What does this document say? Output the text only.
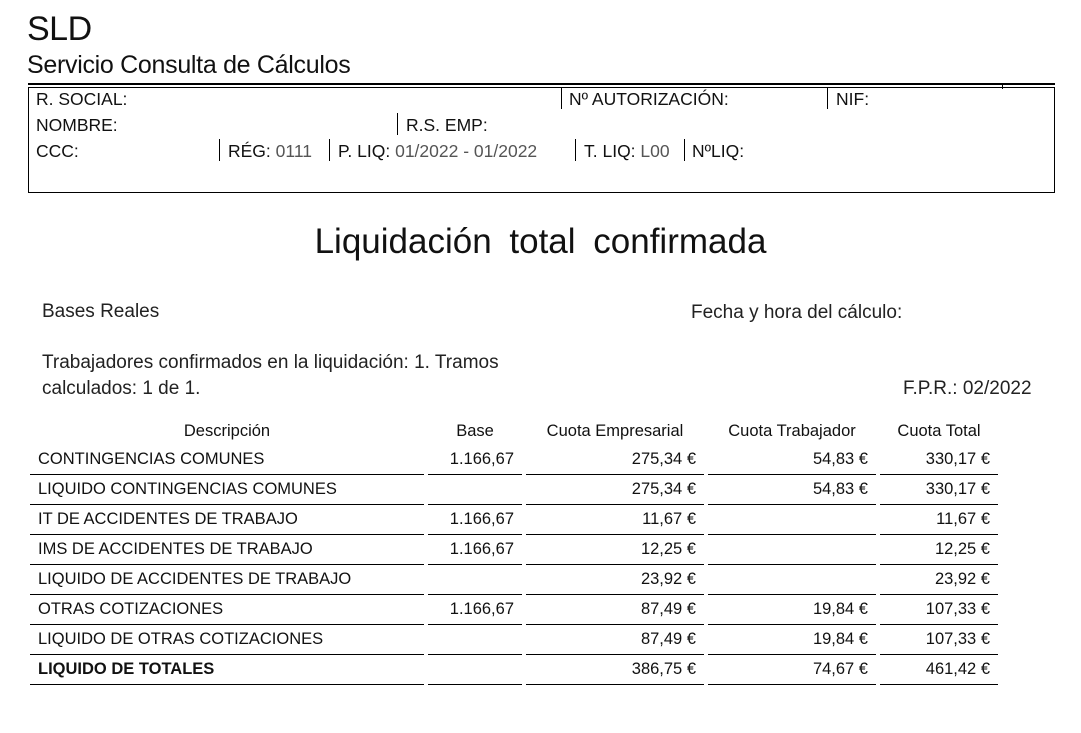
SLD
Servicio Consulta de Cálculos
R. SOCIAL:	Nº AUTORIZACIÓN:	NIF:
NOMBRE:	R.S. EMP:
CCC:	RÉG: 0111 P. LIQ: 01/2022 - 01/2022	T. LIQ: L00 NºLIQ:
Liquidación total confirmada
Bases Reales	Fecha y hora del cálculo:
Trabajadores confirmados en la liquidación: 1. Tramos
calculados: 1 de 1.	F.P.R.: 02/2022
Descripción		Base		Cuota Empresarial		Cuota Trabajador		Cuota Total
CONTINGENCIAS COMUNES		1.166,67		275,34 €		54,83 €		330,17 €
LIQUIDO CONTINGENCIAS COMUNES				275,34 €		54,83 €		330,17 €
IT DE ACCIDENTES DE TRABAJO		1.166,67		11,67 €				11,67 €
IMS DE ACCIDENTES DE TRABAJO		1.166,67		12,25 €				12,25 €
LIQUIDO DE ACCIDENTES DE TRABAJO				23,92 €				23,92 €
OTRAS COTIZACIONES		1.166,67		87,49 €		19,84 €		107,33 €
LIQUIDO DE OTRAS COTIZACIONES				87,49 €		19,84 €		107,33 €
LIQUIDO DE TOTALES				386,75 €		74,67 €		461,42 €
